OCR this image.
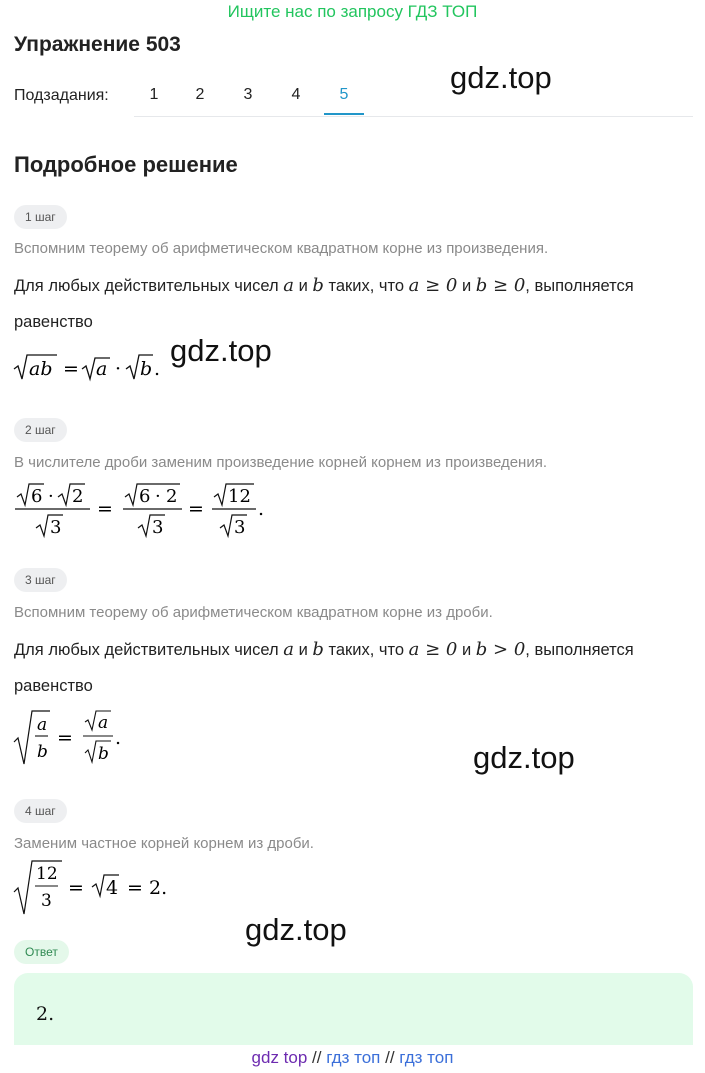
Ищите нас по запросу ГДЗ ТОП
Упражнение 503
Подзадания:	1	2	3	4	5	gdz.top
Подробное решение
1 шаг
Вспомним теорему об арифметическом квадратном корне из произведения.
Для любых действительных чисел a и b таких, что a ≥ 0 и b ≥ 0, выполняется
равенство
ab = a · b .
gdz.top
2 шаг
В числителе дроби заменим произведение корней корнем из произведения.
6 · 2
3
=
6 · 2
3
=
12
3
.
3 шаг
Вспомним теорему об арифметическом квадратном корне из дроби.
Для любых действительных чисел a и b таких, что a ≥ 0 и b > 0, выполняется
равенство
a
b
=
a
b
.
gdz.top
4 шаг
Заменим частное корней корнем из дроби.
12
3
= 4 = 2.
gdz.top
Ответ
2.
gdz top // гдз топ // гдз топ
